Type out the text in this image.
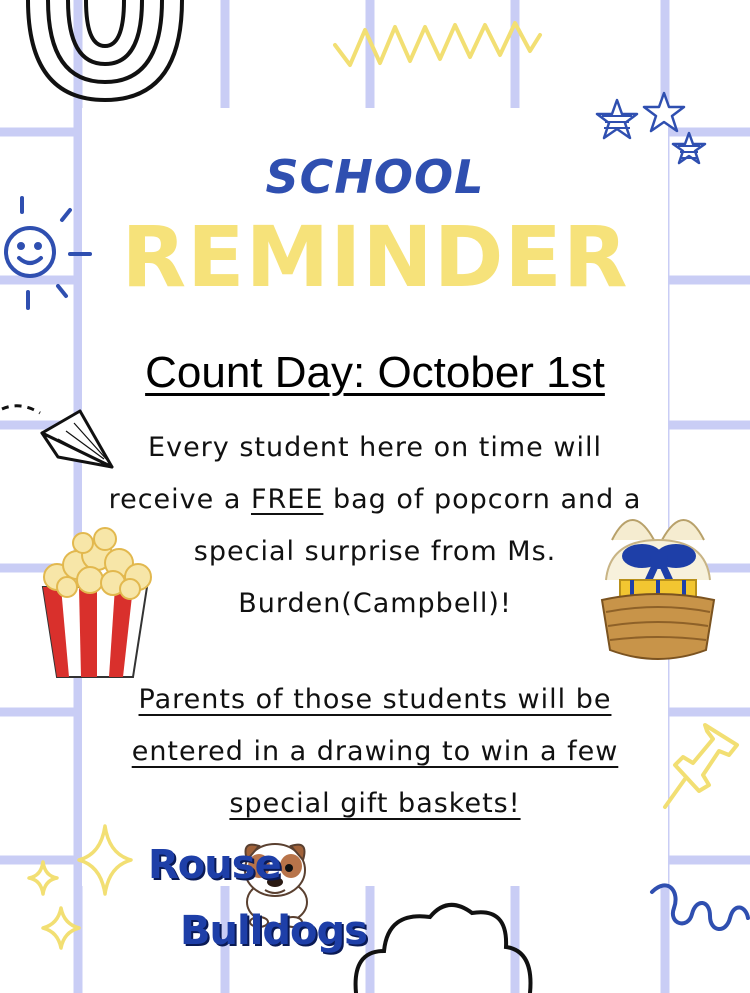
SCHOOL
REMINDER
Count Day: October 1st
Every student here on time will receive a FREE bag of popcorn and a special surprise from Ms. Burden(Campbell)!
Parents of those students will be entered in a drawing to win a few special gift baskets!
Rouse
Bulldogs
